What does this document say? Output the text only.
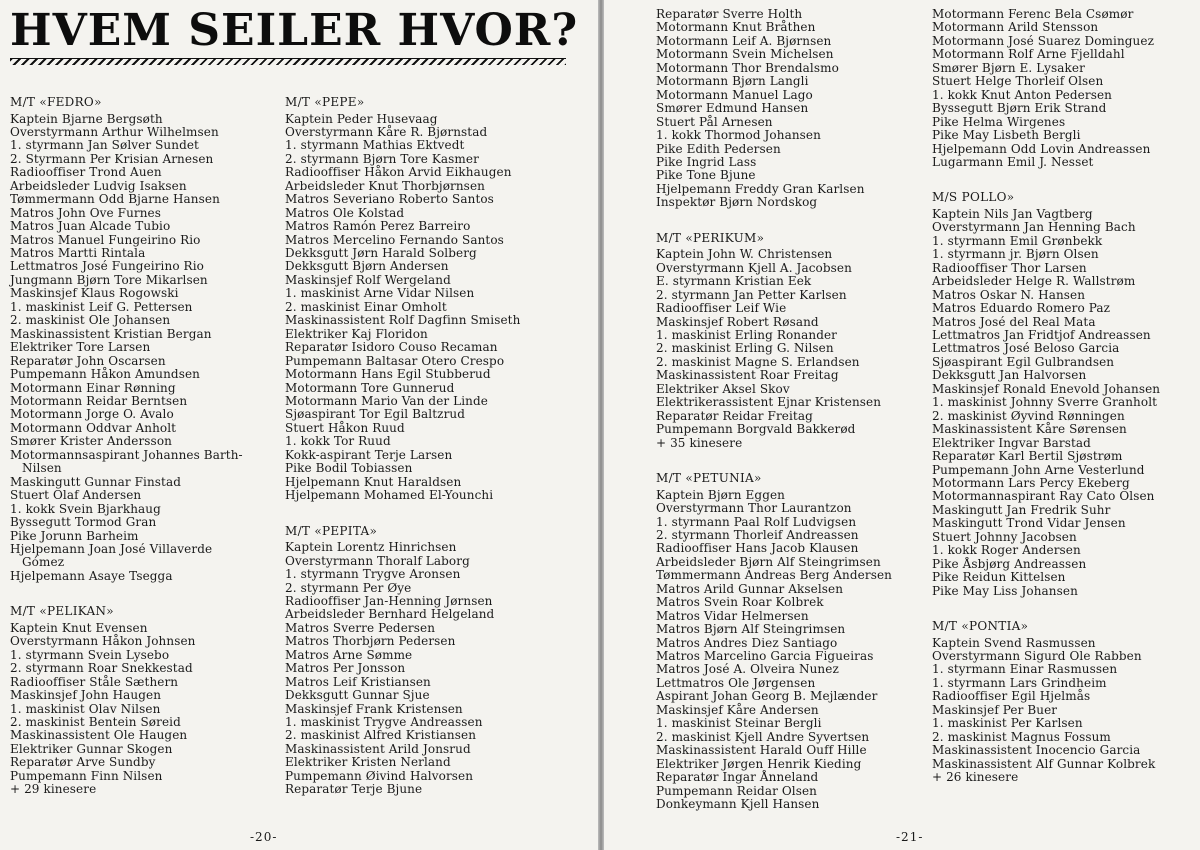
HVEM SEILER HVOR?
M/T «FEDRO»
Kaptein Bjarne Bergsøth
Overstyrmann Arthur Wilhelmsen
1. styrmann Jan Sølver Sundet
2. Styrmann Per Krisian Arnesen
Radiooffiser Trond Auen
Arbeidsleder Ludvig Isaksen
Tømmermann Odd Bjarne Hansen
Matros John Ove Furnes
Matros Juan Alcade Tubio
Matros Manuel Fungeirino Rio
Matros Martti Rintala
Lettmatros José Fungeirino Rio
Jungmann Bjørn Tore Mikarlsen
Maskinsjef Klaus Rogowski
1. maskinist Leif G. Pettersen
2. maskinist Ole Johansen
Maskinassistent Kristian Bergan
Elektriker Tore Larsen
Reparatør John Oscarsen
Pumpemann Håkon Amundsen
Motormann Einar Rønning
Motormann Reidar Berntsen
Motormann Jorge O. Avalo
Motormann Oddvar Anholt
Smører Krister Andersson
Motormannsaspirant Johannes Barth-
Nilsen
Maskingutt Gunnar Finstad
Stuert Olaf Andersen
1. kokk Svein Bjarkhaug
Byssegutt Tormod Gran
Pike Jorunn Barheim
Hjelpemann Joan José Villaverde
Gómez
Hjelpemann Asaye Tsegga
M/T «PELIKAN»
Kaptein Knut Evensen
Overstyrmann Håkon Johnsen
1. styrmann Svein Lysebo
2. styrmann Roar Snekkestad
Radiooffiser Ståle Sæthern
Maskinsjef John Haugen
1. maskinist Olav Nilsen
2. maskinist Bentein Søreid
Maskinassistent Ole Haugen
Elektriker Gunnar Skogen
Reparatør Arve Sundby
Pumpemann Finn Nilsen
+ 29 kinesere
M/T «PEPE»
Kaptein Peder Husevaag
Overstyrmann Kåre R. Bjørnstad
1. styrmann Mathias Ektvedt
2. styrmann Bjørn Tore Kasmer
Radiooffiser Håkon Arvid Eikhaugen
Arbeidsleder Knut Thorbjørnsen
Matros Severiano Roberto Santos
Matros Ole Kolstad
Matros Ramón Perez Barreiro
Matros Mercelino Fernando Santos
Dekksgutt Jørn Harald Solberg
Dekksgutt Bjørn Andersen
Maskinsjef Rolf Wergeland
1. maskinist Arne Vidar Nilsen
2. maskinist Einar Omholt
Maskinassistent Rolf Dagfinn Smiseth
Elektriker Kaj Floridon
Reparatør Isidoro Couso Recaman
Pumpemann Baltasar Otero Crespo
Motormann Hans Egil Stubberud
Motormann Tore Gunnerud
Motormann Mario Van der Linde
Sjøaspirant Tor Egil Baltzrud
Stuert Håkon Ruud
1. kokk Tor Ruud
Kokk-aspirant Terje Larsen
Pike Bodil Tobiassen
Hjelpemann Knut Haraldsen
Hjelpemann Mohamed El-Younchi
M/T «PEPITA»
Kaptein Lorentz Hinrichsen
Overstyrmann Thoralf Laborg
1. styrmann Trygve Aronsen
2. styrmann Per Øye
Radiooffiser Jan-Henning Jørnsen
Arbeidsleder Bernhard Helgeland
Matros Sverre Pedersen
Matros Thorbjørn Pedersen
Matros Arne Sømme
Matros Per Jonsson
Matros Leif Kristiansen
Dekksgutt Gunnar Sjue
Maskinsjef Frank Kristensen
1. maskinist Trygve Andreassen
2. maskinist Alfred Kristiansen
Maskinassistent Arild Jonsrud
Elektriker Kristen Nerland
Pumpemann Øivind Halvorsen
Reparatør Terje Bjune
-20-
Reparatør Sverre Holth
Motormann Knut Bråthen
Motormann Leif A. Bjørnsen
Motormann Svein Michelsen
Motormann Thor Brendalsmo
Motormann Bjørn Langli
Motormann Manuel Lago
Smører Edmund Hansen
Stuert Pål Arnesen
1. kokk Thormod Johansen
Pike Edith Pedersen
Pike Ingrid Lass
Pike Tone Bjune
Hjelpemann Freddy Gran Karlsen
Inspektør Bjørn Nordskog
M/T «PERIKUM»
Kaptein John W. Christensen
Overstyrmann Kjell A. Jacobsen
E. styrmann Kristian Eek
2. styrmann Jan Petter Karlsen
Radiooffiser Leif Wie
Maskinsjef Robert Røsand
1. maskinist Erling Ronander
2. maskinist Erling G. Nilsen
2. maskinist Magne S. Erlandsen
Maskinassistent Roar Freitag
Elektriker Aksel Skov
Elektrikerassistent Ejnar Kristensen
Reparatør Reidar Freitag
Pumpemann Borgvald Bakkerød
+ 35 kinesere
M/T «PETUNIA»
Kaptein Bjørn Eggen
Overstyrmann Thor Laurantzon
1. styrmann Paal Rolf Ludvigsen
2. styrmann Thorleif Andreassen
Radiooffiser Hans Jacob Klausen
Arbeidsleder Bjørn Alf Steingrimsen
Tømmermann Andreas Berg Andersen
Matros Arild Gunnar Akselsen
Matros Svein Roar Kolbrek
Matros Vidar Helmersen
Matros Bjørn Alf Steingrimsen
Matros Andres Diez Santiago
Matros Marcelino Garcia Figueiras
Matros José A. Olveira Nunez
Lettmatros Ole Jørgensen
Aspirant Johan Georg B. Mejlænder
Maskinsjef Kåre Andersen
1. maskinist Steinar Bergli
2. maskinist Kjell Andre Syvertsen
Maskinassistent Harald Ouff Hille
Elektriker Jørgen Henrik Kieding
Reparatør Ingar Ånneland
Pumpemann Reidar Olsen
Donkeymann Kjell Hansen
Motormann Ferenc Bela Csømør
Motormann Arild Stensson
Motormann José Suarez Dominguez
Motormann Rolf Arne Fjelldahl
Smører Bjørn E. Lysaker
Stuert Helge Thorleif Olsen
1. kokk Knut Anton Pedersen
Byssegutt Bjørn Erik Strand
Pike Helma Wirgenes
Pike May Lisbeth Bergli
Hjelpemann Odd Lovin Andreassen
Lugarmann Emil J. Nesset
M/S POLLO»
Kaptein Nils Jan Vagtberg
Overstyrmann Jan Henning Bach
1. styrmann Emil Grønbekk
1. styrmann jr. Bjørn Olsen
Radiooffiser Thor Larsen
Arbeidsleder Helge R. Wallstrøm
Matros Oskar N. Hansen
Matros Eduardo Romero Paz
Matros José del Real Mata
Lettmatros Jan Fridtjof Andreassen
Lettmatros José Beloso Garcia
Sjøaspirant Egil Gulbrandsen
Dekksgutt Jan Halvorsen
Maskinsjef Ronald Enevold Johansen
1. maskinist Johnny Sverre Granholt
2. maskinist Øyvind Rønningen
Maskinassistent Kåre Sørensen
Elektriker Ingvar Barstad
Reparatør Karl Bertil Sjøstrøm
Pumpemann John Arne Vesterlund
Motormann Lars Percy Ekeberg
Motormannaspirant Ray Cato Olsen
Maskingutt Jan Fredrik Suhr
Maskingutt Trond Vidar Jensen
Stuert Johnny Jacobsen
1. kokk Roger Andersen
Pike Åsbjørg Andreassen
Pike Reidun Kittelsen
Pike May Liss Johansen
M/T «PONTIA»
Kaptein Svend Rasmussen
Overstyrmann Sigurd Ole Rabben
1. styrmann Einar Rasmussen
1. styrmann Lars Grindheim
Radiooffiser Egil Hjelmås
Maskinsjef Per Buer
1. maskinist Per Karlsen
2. maskinist Magnus Fossum
Maskinassistent Inocencio Garcia
Maskinassistent Alf Gunnar Kolbrek
+ 26 kinesere
-21-
